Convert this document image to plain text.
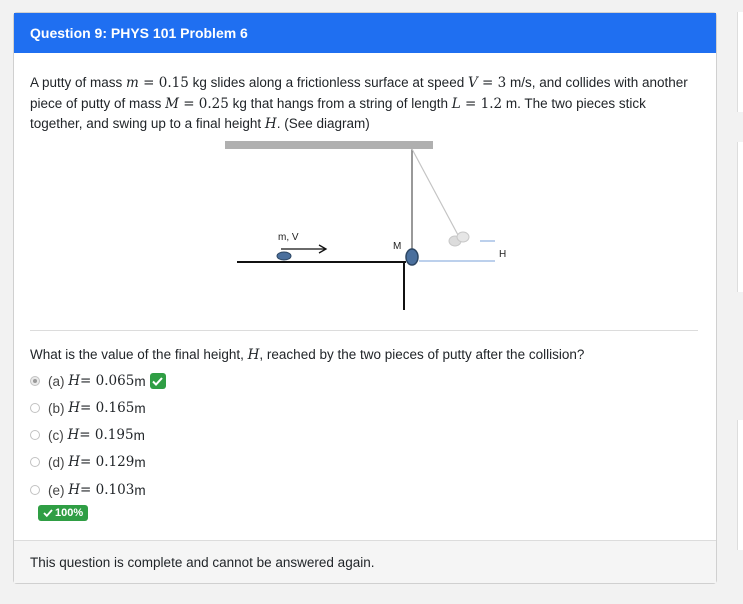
Question 9: PHYS 101 Problem 6
A putty of mass m = 0.15 kg slides along a frictionless surface at speed V = 3 m/s, and collides with another piece of putty of mass M = 0.25 kg that hangs from a string of length L = 1.2 m. The two pieces stick together, and swing up to a final height H. (See diagram)
m, V
M
H
What is the value of the final height, H, reached by the two pieces of putty after the collision?
(a)
H = 0.065 m
(b)
H = 0.165 m
(c)
H = 0.195 m
(d)
H = 0.129 m
(e)
H = 0.103 m
100%
This question is complete and cannot be answered again.
